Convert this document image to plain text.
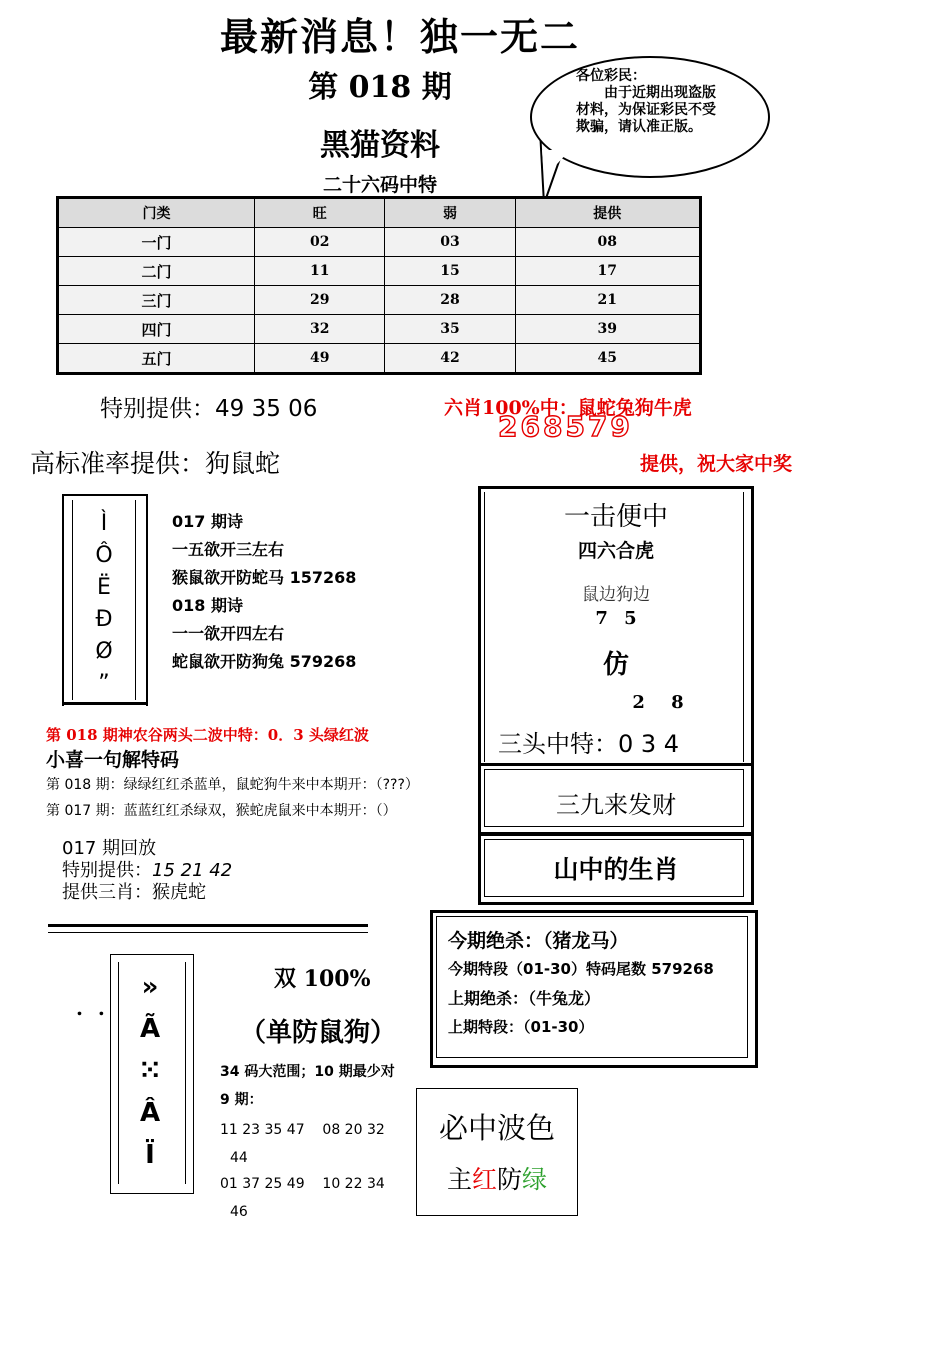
最新消息！独一无二
第 018 期
黑猫资料
二十六码中特
各位彩民：
由于近期出现盗版材料，为保证彩民不受欺骗，请认准正版。
门类	旺	弱	提供
一门	02	03	08
二门	11	15	17
三门	29	28	21
四门	32	35	39
五门	49	42	45
特别提供：49 35 06	六肖100%中：鼠蛇兔狗牛虎
268579
高标准率提供：狗鼠蛇	提供，祝大家中奖
Ì
Ô
Ë
Ð
Ø
”
017 期诗
一五欲开三左右
猴鼠欲开防蛇马 157268
018 期诗
一一欲开四左右
蛇鼠欲开防狗兔 579268
一击便中
四六合虎
鼠边狗边
7 5
仿
2 8
三头中特：0 3 4
三九来发财
山中的生肖
第 018 期神农谷两头二波中特：0．3 头绿红波
小喜一句解特码
第 018 期：绿绿红红杀蓝单，鼠蛇狗牛来中本期开：（???）
第 017 期：蓝蓝红红杀绿双，猴蛇虎鼠来中本期开：（）
017 期回放
特别提供：15 21 42
提供三肖：猴虎蛇
今期绝杀：（猪龙马）
今期特段（01-30）特码尾数 579268
上期绝杀：（牛兔龙）
上期特段：（01-30）
. .
»
Ã
⁙
Â
Ï
双 100%
（单防鼠狗）
34 码大范围；10 期最少对
9 期：
11 23 35 47 08 20 32
44
01 37 25 49 10 22 34
46
必中波色
主红防绿
